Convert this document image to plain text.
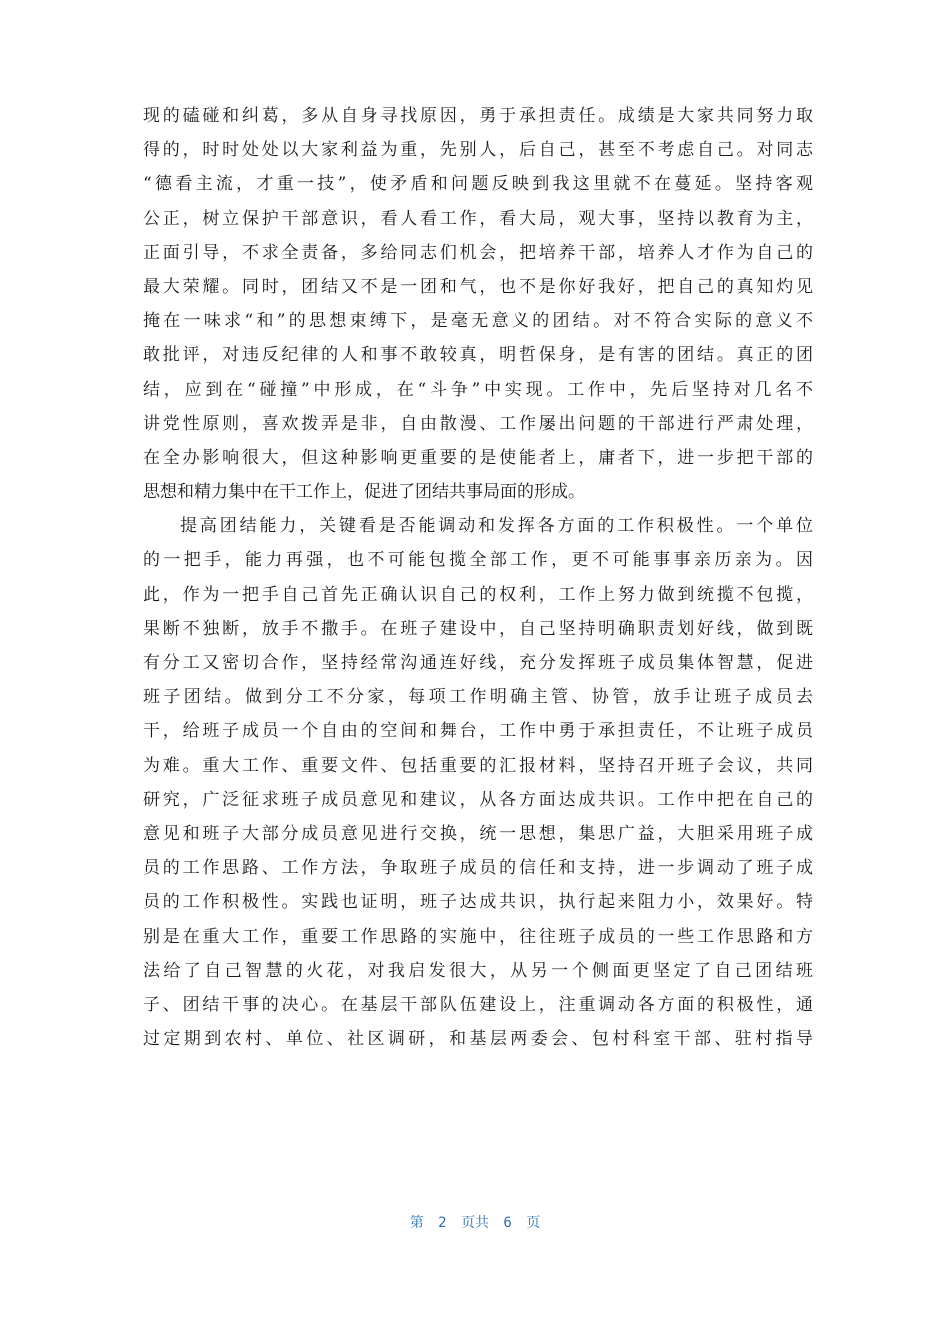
现的磕碰和纠葛，多从自身寻找原因，勇于承担责任。成绩是大家共同努力取
得的，时时处处以大家利益为重，先别人，后自己，甚至不考虑自己。对同志
“德看主流，才重一技”，使矛盾和问题反映到我这里就不在蔓延。坚持客观
公正，树立保护干部意识，看人看工作，看大局，观大事，坚持以教育为主，
正面引导，不求全责备，多给同志们机会，把培养干部，培养人才作为自己的
最大荣耀。同时，团结又不是一团和气，也不是你好我好，把自己的真知灼见
掩在一味求“和”的思想束缚下，是毫无意义的团结。对不符合实际的意义不
敢批评，对违反纪律的人和事不敢较真，明哲保身，是有害的团结。真正的团
结，应到在“碰撞”中形成，在“斗争”中实现。工作中，先后坚持对几名不
讲党性原则，喜欢拨弄是非，自由散漫、工作屡出问题的干部进行严肃处理，
在全办影响很大，但这种影响更重要的是使能者上，庸者下，进一步把干部的
思想和精力集中在干工作上，促进了团结共事局面的形成。
提高团结能力，关键看是否能调动和发挥各方面的工作积极性。一个单位
的一把手，能力再强，也不可能包揽全部工作，更不可能事事亲历亲为。因
此，作为一把手自己首先正确认识自己的权利，工作上努力做到统揽不包揽，
果断不独断，放手不撒手。在班子建设中，自己坚持明确职责划好线，做到既
有分工又密切合作，坚持经常沟通连好线，充分发挥班子成员集体智慧，促进
班子团结。做到分工不分家，每项工作明确主管、协管，放手让班子成员去
干，给班子成员一个自由的空间和舞台，工作中勇于承担责任，不让班子成员
为难。重大工作、重要文件、包括重要的汇报材料，坚持召开班子会议，共同
研究，广泛征求班子成员意见和建议，从各方面达成共识。工作中把在自己的
意见和班子大部分成员意见进行交换，统一思想，集思广益，大胆采用班子成
员的工作思路、工作方法，争取班子成员的信任和支持，进一步调动了班子成
员的工作积极性。实践也证明，班子达成共识，执行起来阻力小，效果好。特
别是在重大工作，重要工作思路的实施中，往往班子成员的一些工作思路和方
法给了自己智慧的火花，对我启发很大，从另一个侧面更坚定了自己团结班
子、团结干事的决心。在基层干部队伍建设上，注重调动各方面的积极性，通
过定期到农村、单位、社区调研，和基层两委会、包村科室干部、驻村指导
第 2 页共 6 页
